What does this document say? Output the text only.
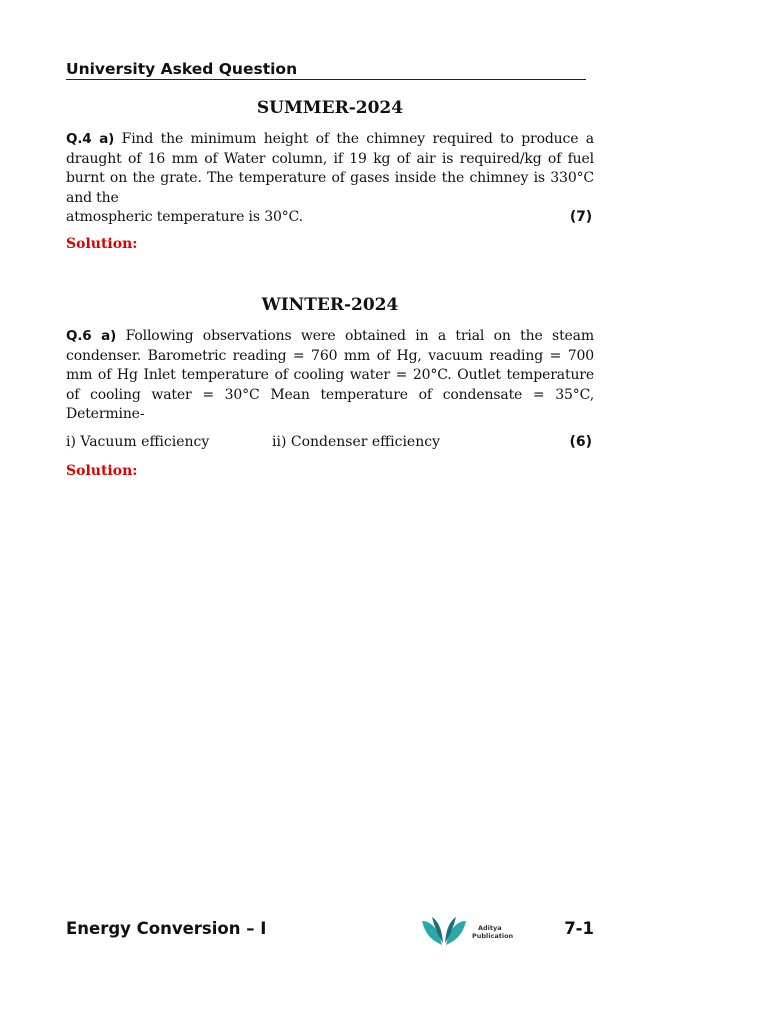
University Asked Question
SUMMER-2024
Q.4 a) Find the minimum height of the chimney required to produce a draught of 16 mm of Water column, if 19 kg of air is required/kg of fuel burnt on the grate. The temperature of gases inside the chimney is 330°C and the
atmospheric temperature is 30°C.	(7)
Solution:
WINTER-2024
Q.6 a) Following observations were obtained in a trial on the steam condenser. Barometric reading = 760 mm of Hg, vacuum reading = 700 mm of Hg Inlet temperature of cooling water = 20°C. Outlet temperature of cooling water = 30°C Mean temperature of condensate = 35°C, Determine-
i) Vacuum efficiency	ii) Condenser efficiency	(6)
Solution:
Energy Conversion – I	Aditya
Publication	7-1
